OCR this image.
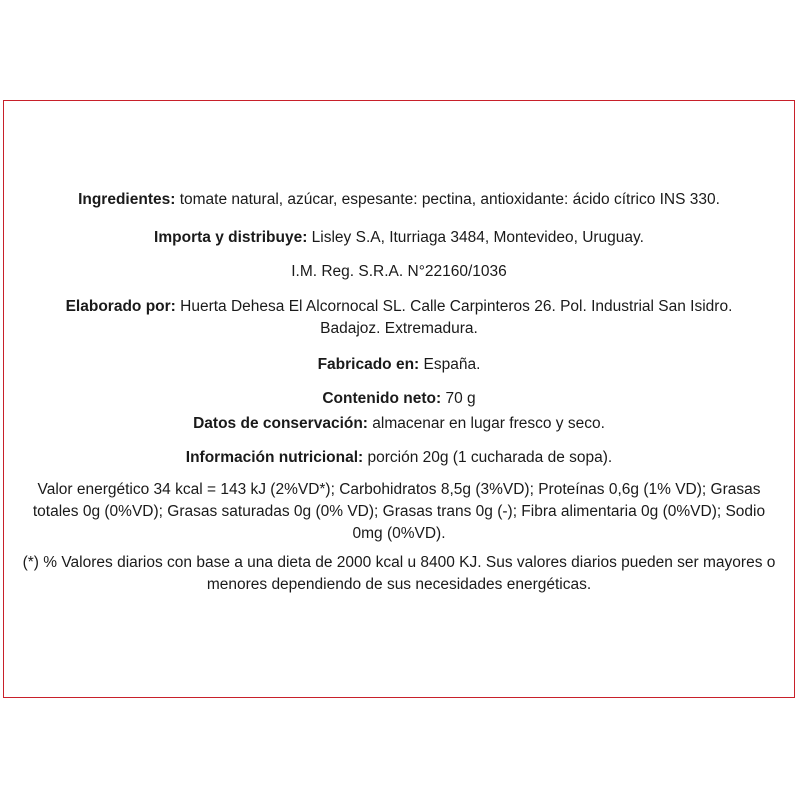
Ingredientes: tomate natural, azúcar, espesante: pectina, antioxidante: ácido cítrico INS 330.

Importa y distribuye: Lisley S.A, Iturriaga 3484, Montevideo, Uruguay.

I.M. Reg. S.R.A. N°22160/1036

Elaborado por: Huerta Dehesa El Alcornocal SL. Calle Carpinteros 26. Pol. Industrial San Isidro. Badajoz. Extremadura.

Fabricado en: España.

Contenido neto: 70 g

Datos de conservación: almacenar en lugar fresco y seco.

Información nutricional: porción 20g (1 cucharada de sopa).

Valor energético 34 kcal = 143 kJ (2%VD*); Carbohidratos 8,5g (3%VD); Proteínas 0,6g (1% VD); Grasas totales 0g (0%VD); Grasas saturadas 0g (0% VD); Grasas trans 0g (-); Fibra alimentaria 0g (0%VD); Sodio 0mg (0%VD).

(*) % Valores diarios con base a una dieta de 2000 kcal u 8400 KJ. Sus valores diarios pueden ser mayores o menores dependiendo de sus necesidades energéticas.
